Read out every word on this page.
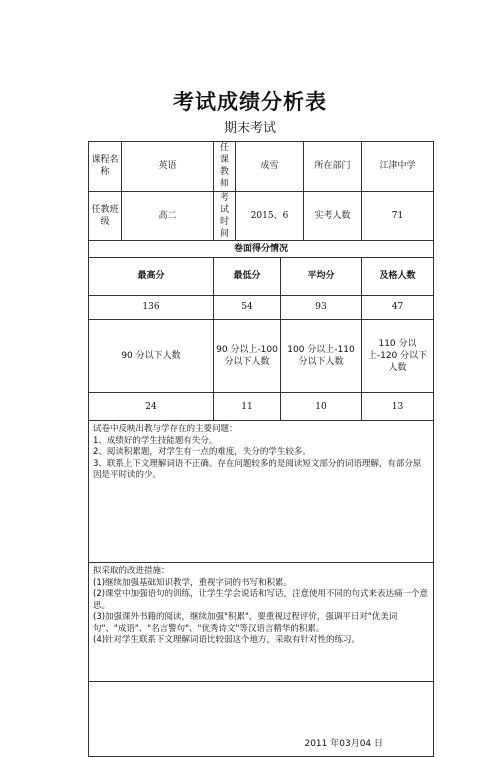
考试成绩分析表
期末考试
课程名称	英语	任课教师	成雪		所在部门	江津中学	
任教班级	高二	考试时间	2015、6		实考人数	71	
卷面得分情况							
最高分		最低分		平均分		及格人数	
136		54		93		47	
90 分以下人数		90 分以上-100 分以下人数		100 分以上-110 分以下人数		110 分以上-120 分以下人数	
24		11		10		13	

试卷中反映出教与学存在的主要问题：

1、成绩好的学生技能题有失分。

2、阅读积累题，对学生有一点的难度，失分的学生较多。

3、联系上下文理解词语不正确。存在问题较多的是阅读短文部分的词语理解，有部分原因是平时读的少。							

拟采取的改进措施：

(1)继续加强基础知识教学，重视字词的书写和积累。

(2)课堂中加强语句的训练，让学生学会说话和写话，注意使用不同的句式来表达痛一个意思。

(3)加强课外书籍的阅读，继续加强"积累"，要重视过程评价，强调平日对"优美词句"、"成语"、"名言警句"、"优秀诗文"等汉语言精华的积累。

(4)针对学生联系下文理解词语比较弱这个地方，采取有针对性的练习。							

2011 年03月04 日							
